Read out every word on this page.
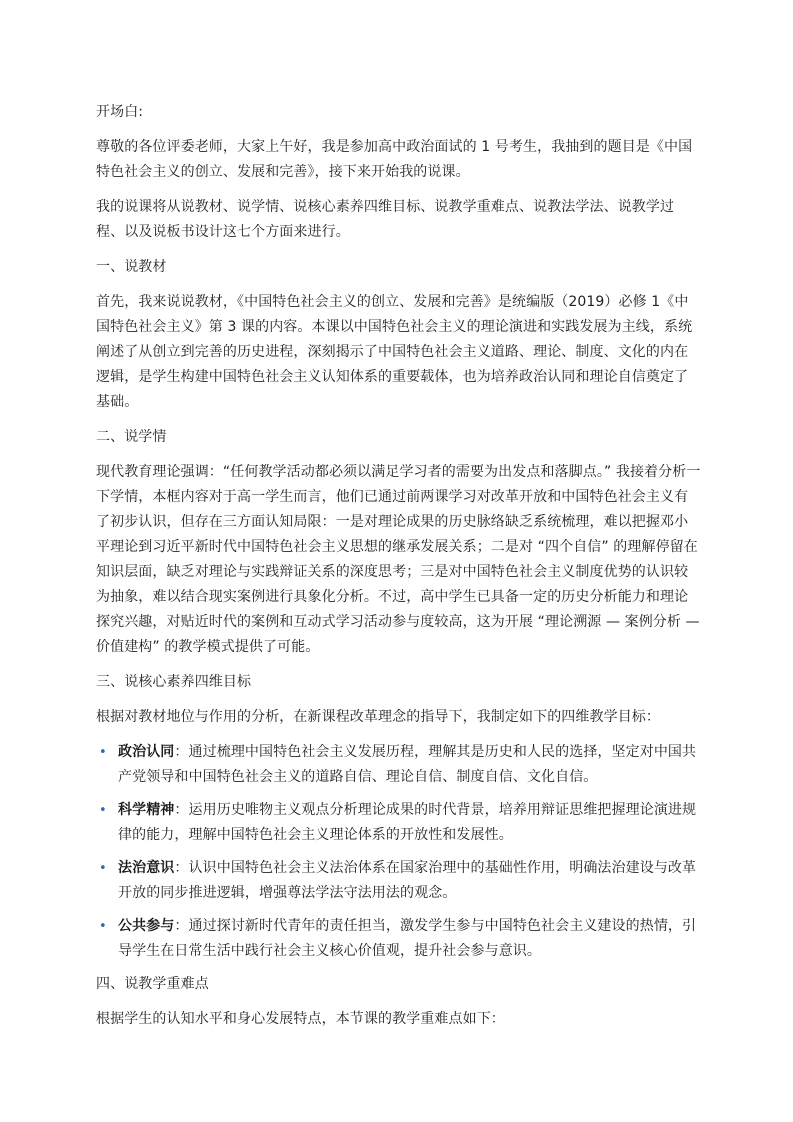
开场白:

尊敬的各位评委老师，大家上午好，我是参加高中政治面试的 1 号考生，我抽到的题目是《中国特色社会主义的创立、发展和完善》，接下来开始我的说课。

我的说课将从说教材、说学情、说核心素养四维目标、说教学重难点、说教法学法、说教学过程、以及说板书设计这七个方面来进行。

一、说教材

首先，我来说说教材，《中国特色社会主义的创立、发展和完善》是统编版（2019）必修 1《中国特色社会主义》第 3 课的内容。本课以中国特色社会主义的理论演进和实践发展为主线，系统阐述了从创立到完善的历史进程，深刻揭示了中国特色社会主义道路、理论、制度、文化的内在逻辑，是学生构建中国特色社会主义认知体系的重要载体，也为培养政治认同和理论自信奠定了基础。

二、说学情

现代教育理论强调：“任何教学活动都必须以满足学习者的需要为出发点和落脚点。” 我接着分析一下学情，本框内容对于高一学生而言，他们已通过前两课学习对改革开放和中国特色社会主义有了初步认识，但存在三方面认知局限：一是对理论成果的历史脉络缺乏系统梳理，难以把握邓小平理论到习近平新时代中国特色社会主义思想的继承发展关系；二是对 “四个自信” 的理解停留在知识层面，缺乏对理论与实践辩证关系的深度思考；三是对中国特色社会主义制度优势的认识较为抽象，难以结合现实案例进行具象化分析。不过，高中学生已具备一定的历史分析能力和理论探究兴趣，对贴近时代的案例和互动式学习活动参与度较高，这为开展 “理论溯源 — 案例分析 — 价值建构” 的教学模式提供了可能。

三、说核心素养四维目标

根据对教材地位与作用的分析，在新课程改革理念的指导下，我制定如下的四维教学目标：

• 政治认同：通过梳理中国特色社会主义发展历程，理解其是历史和人民的选择，坚定对中国共产党领导和中国特色社会主义的道路自信、理论自信、制度自信、文化自信。
• 科学精神：运用历史唯物主义观点分析理论成果的时代背景，培养用辩证思维把握理论演进规律的能力，理解中国特色社会主义理论体系的开放性和发展性。
• 法治意识：认识中国特色社会主义法治体系在国家治理中的基础性作用，明确法治建设与改革开放的同步推进逻辑，增强尊法学法守法用法的观念。
• 公共参与：通过探讨新时代青年的责任担当，激发学生参与中国特色社会主义建设的热情，引导学生在日常生活中践行社会主义核心价值观，提升社会参与意识。

四、说教学重难点

根据学生的认知水平和身心发展特点，本节课的教学重难点如下：
